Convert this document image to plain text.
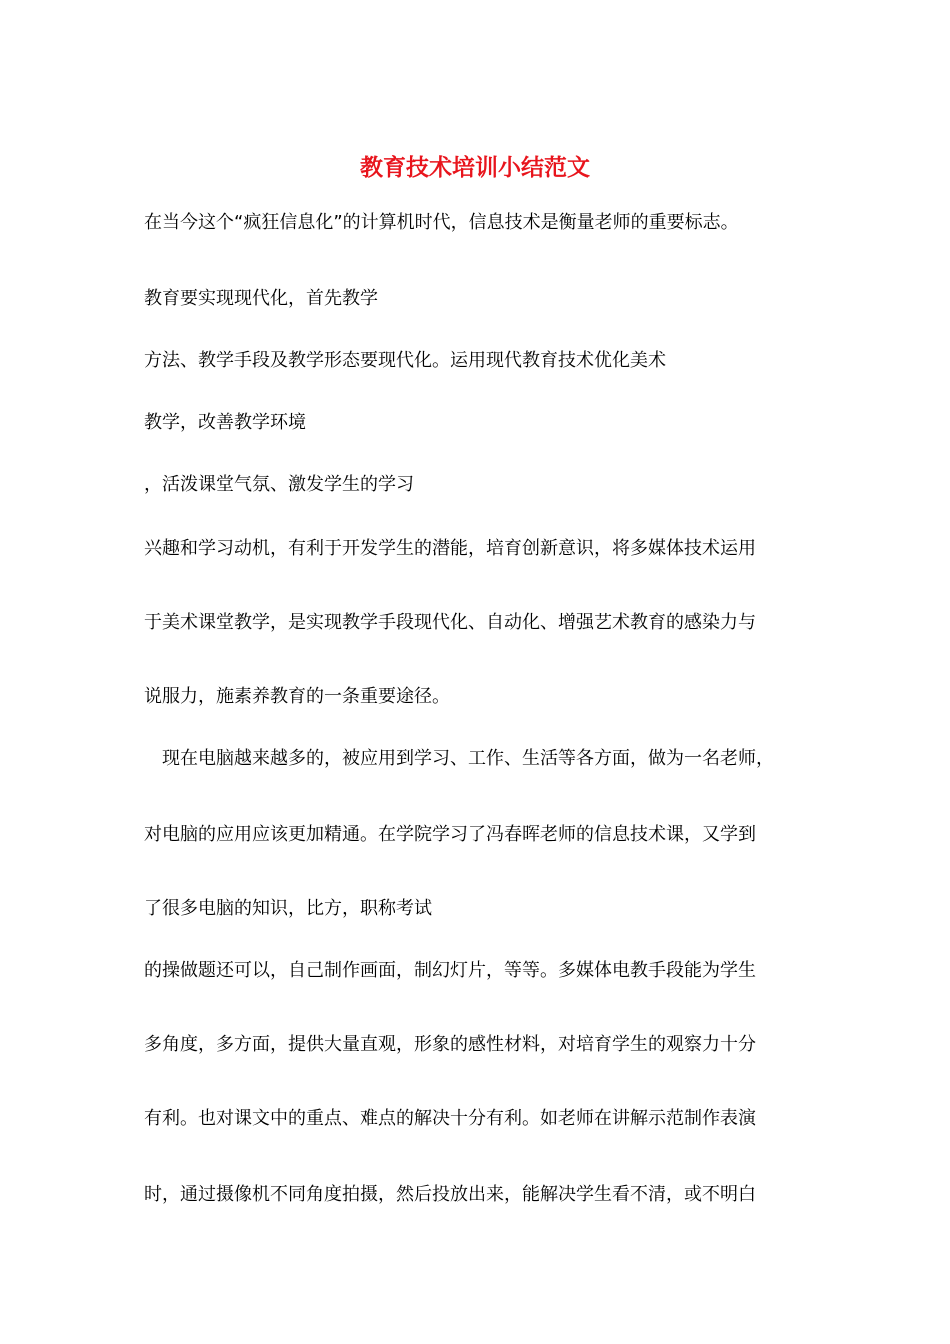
教育技术培训小结范文

在当今这个“疯狂信息化”的计算机时代，信息技术是衡量老师的重要标志。

教育要实现现代化，首先教学

方法、教学手段及教学形态要现代化。运用现代教育技术优化美术

教学，改善教学环境

，活泼课堂气氛、激发学生的学习

兴趣和学习动机，有利于开发学生的潜能，培育创新意识，将多媒体技术运用

于美术课堂教学，是实现教学手段现代化、自动化、增强艺术教育的感染力与

说服力，施素养教育的一条重要途径。

　现在电脑越来越多的，被应用到学习、工作、生活等各方面，做为一名老师，

对电脑的应用应该更加精通。在学院学习了冯春晖老师的信息技术课，又学到

了很多电脑的知识，比方，职称考试

的操做题还可以，自己制作画面，制幻灯片，等等。多媒体电教手段能为学生

多角度，多方面，提供大量直观，形象的感性材料，对培育学生的观察力十分

有利。也对课文中的重点、难点的解决十分有利。如老师在讲解示范制作表演

时，通过摄像机不同角度拍摄，然后投放出来，能解决学生看不清，或不明白
